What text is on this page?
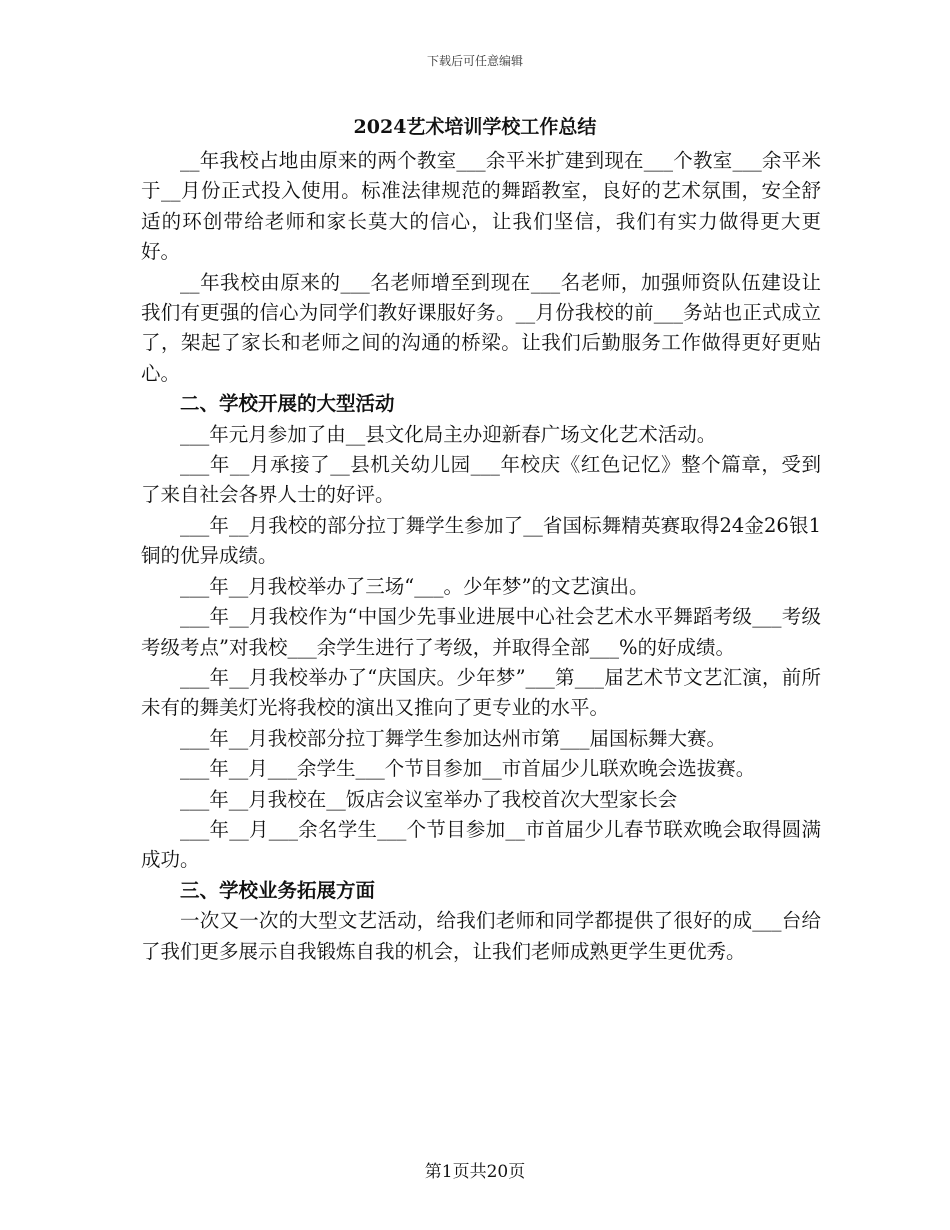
下载后可任意编辑
2024艺术培训学校工作总结

__年我校占地由原来的两个教室___余平米扩建到现在___个教室___余平米于__月份正式投入使用。标准法律规范的舞蹈教室，良好的艺术氛围，安全舒适的环创带给老师和家长莫大的信心，让我们坚信，我们有实力做得更大更好。

__年我校由原来的___名老师增至到现在___名老师，加强师资队伍建设让我们有更强的信心为同学们教好课服好务。__月份我校的前___务站也正式成立了，架起了家长和老师之间的沟通的桥梁。让我们后勤服务工作做得更好更贴心。

二、学校开展的大型活动

___年元月参加了由__县文化局主办迎新春广场文化艺术活动。

___年__月承接了__县机关幼儿园___年校庆《红色记忆》整个篇章，受到了来自社会各界人士的好评。

___年__月我校的部分拉丁舞学生参加了__省国标舞精英赛取得24金26银1铜的优异成绩。

___年__月我校举办了三场“___。少年梦”的文艺演出。

___年__月我校作为“中国少先事业进展中心社会艺术水平舞蹈考级___考级考级考点”对我校___余学生进行了考级，并取得全部___%的好成绩。

___年__月我校举办了“庆国庆。少年梦”___第___届艺术节文艺汇演，前所未有的舞美灯光将我校的演出又推向了更专业的水平。

___年__月我校部分拉丁舞学生参加达州市第___届国标舞大赛。

___年__月___余学生___个节目参加__市首届少儿联欢晚会选拔赛。

___年__月我校在__饭店会议室举办了我校首次大型家长会

___年__月___余名学生___个节目参加__市首届少儿春节联欢晚会取得圆满成功。

三、学校业务拓展方面

一次又一次的大型文艺活动，给我们老师和同学都提供了很好的成___台给了我们更多展示自我锻炼自我的机会，让我们老师成熟更学生更优秀。

第1页共20页
